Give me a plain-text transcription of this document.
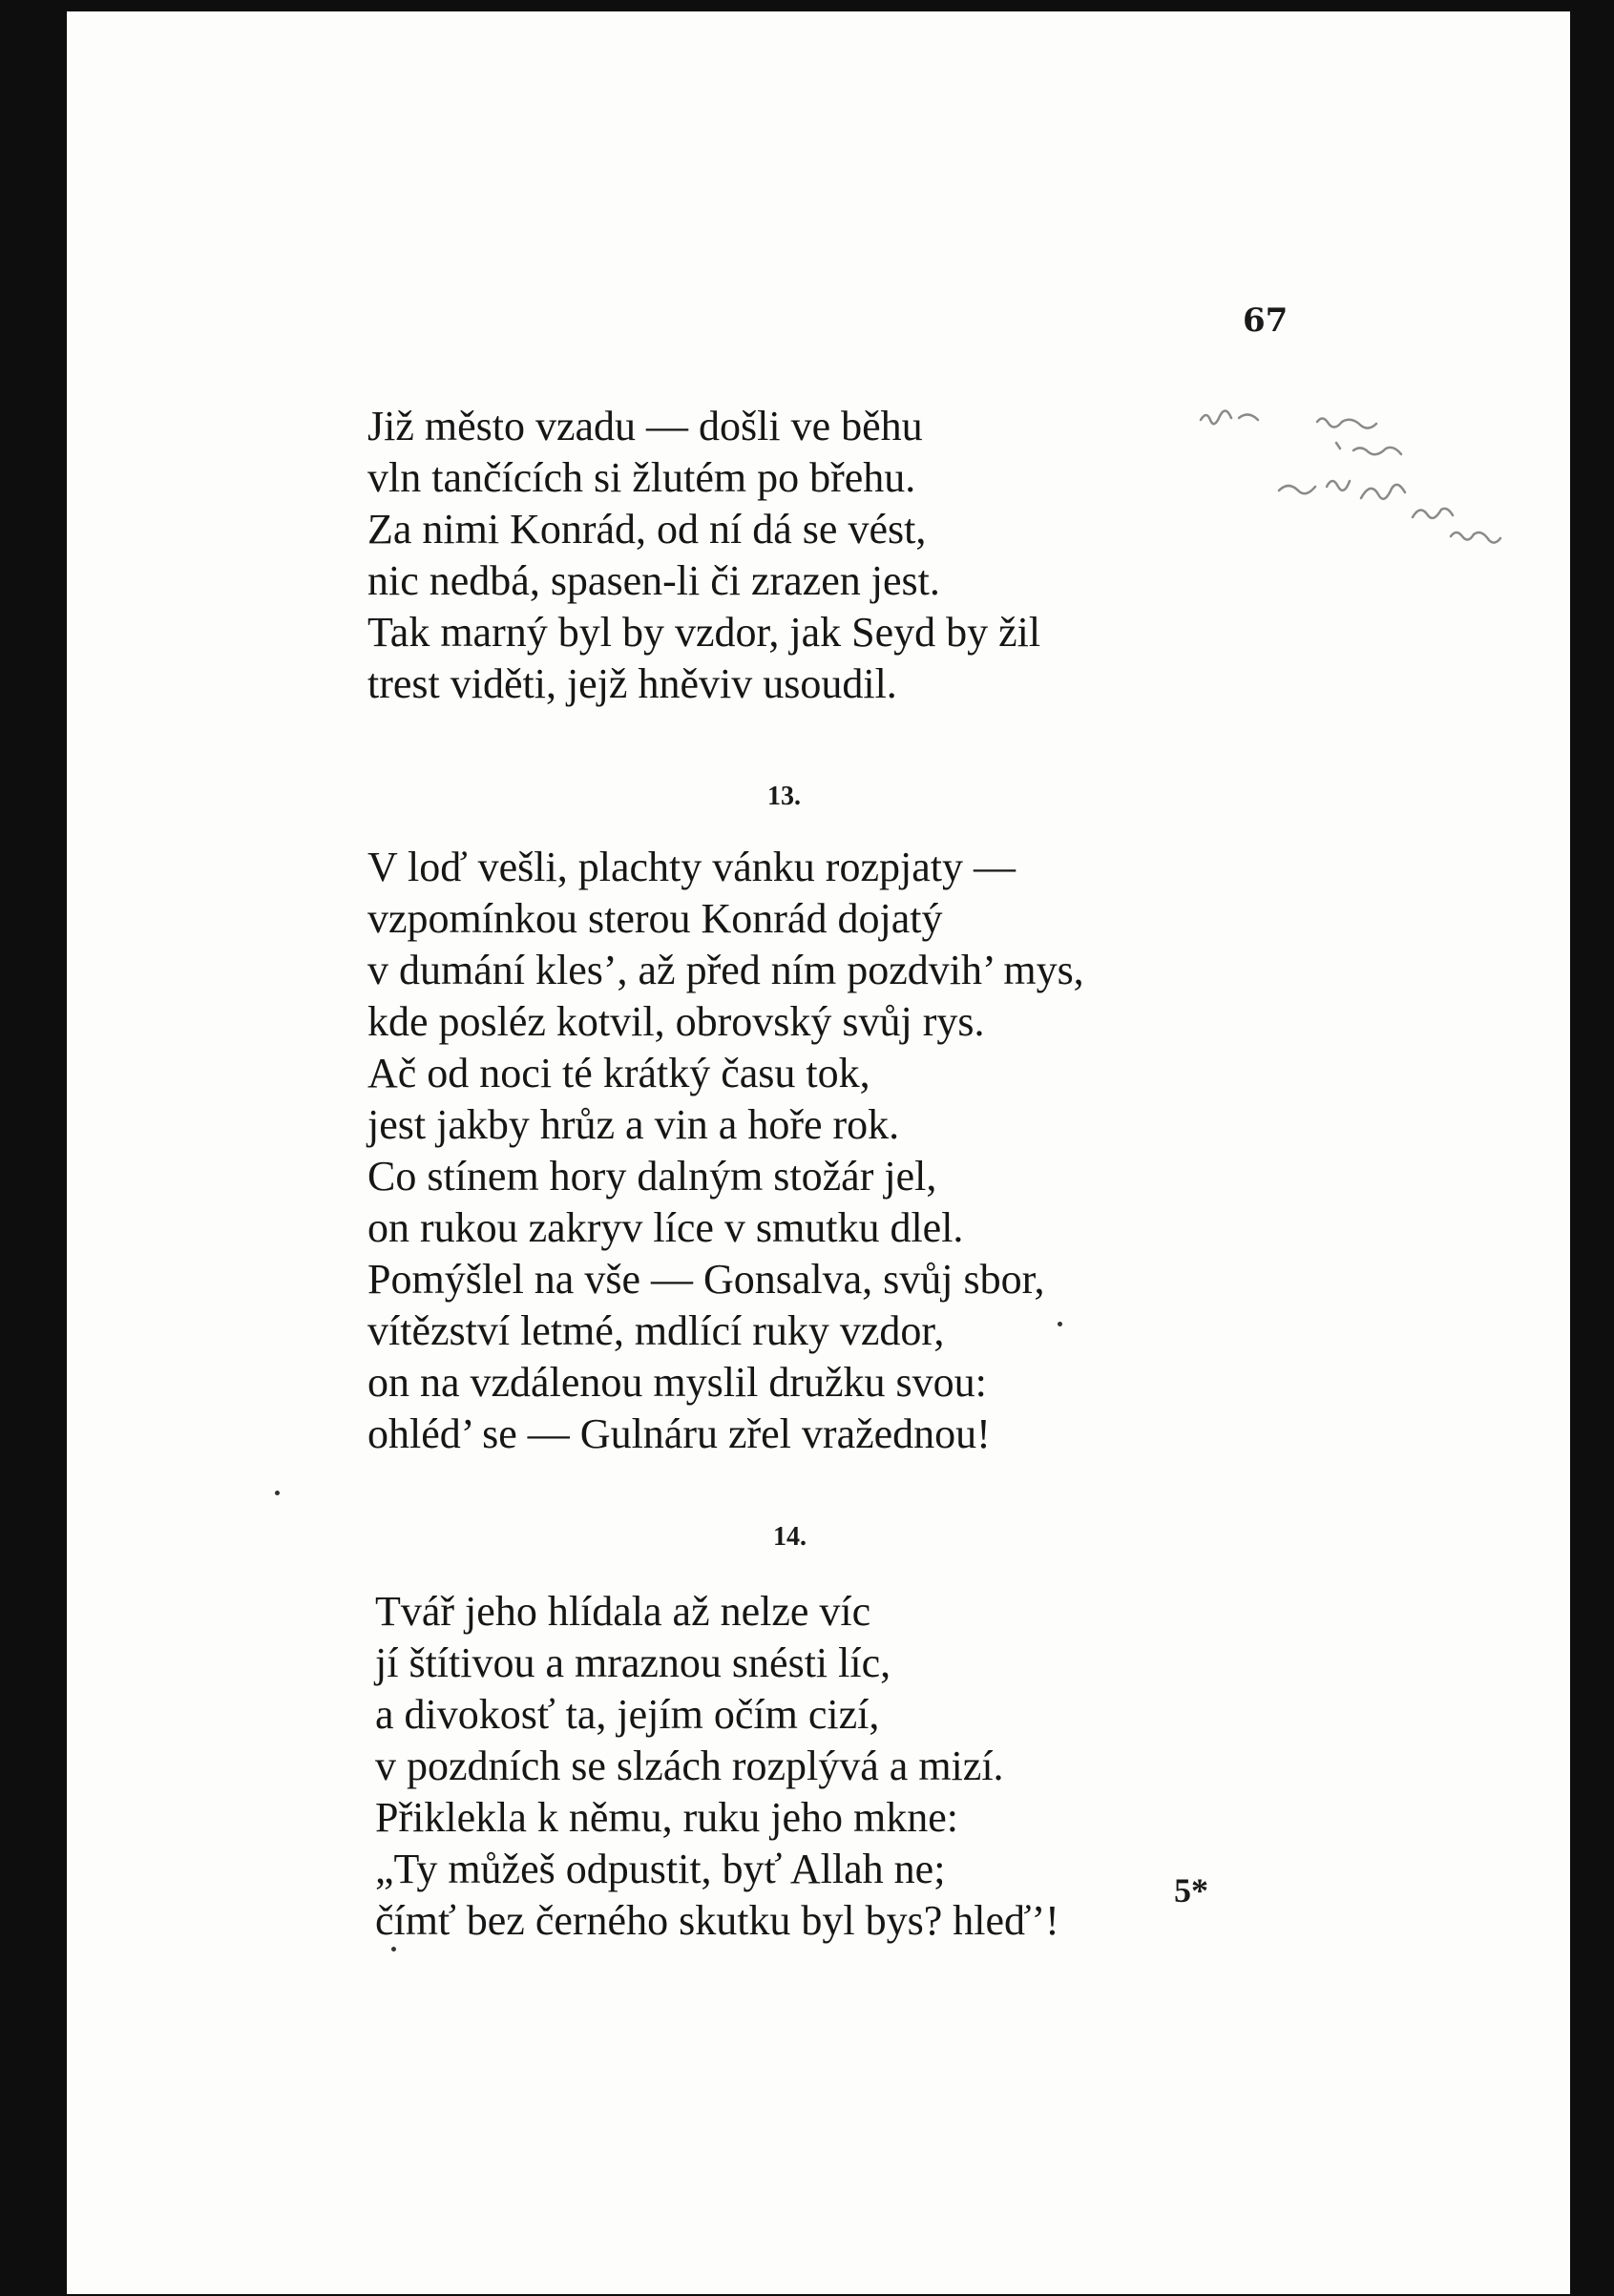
67
Již město vzadu — došli ve běhu
vln tančících si žlutém po břehu.
Za nimi Konrád, od ní dá se vést,
nic nedbá, spasen-li či zrazen jest.
Tak marný byl by vzdor, jak Seyd by žil
trest viděti, jejž hněviv usoudil.
13.
V loď vešli, plachty vánku rozpjaty —
vzpomínkou sterou Konrád dojatý
v dumání kles’, až před ním pozdvih’ mys,
kde posléz kotvil, obrovský svůj rys.
Ač od noci té krátký času tok,
jest jakby hrůz a vin a hoře rok.
Co stínem hory dalným stožár jel,
on rukou zakryv líce v smutku dlel.
Pomýšlel na vše — Gonsalva, svůj sbor,
vítězství letmé, mdlící ruky vzdor,
on na vzdálenou myslil družku svou:
ohléd’ se — Gulnáru zřel vražednou!
14.
Tvář jeho hlídala až nelze víc
jí štítivou a mraznou snésti líc,
a divokosť ta, jejím očím cizí,
v pozdních se slzách rozplývá a mizí.
Přiklekla k němu, ruku jeho mkne:
„Ty můžeš odpustit, byť Allah ne;
čímť bez černého skutku byl bys? hleď’!
5*
